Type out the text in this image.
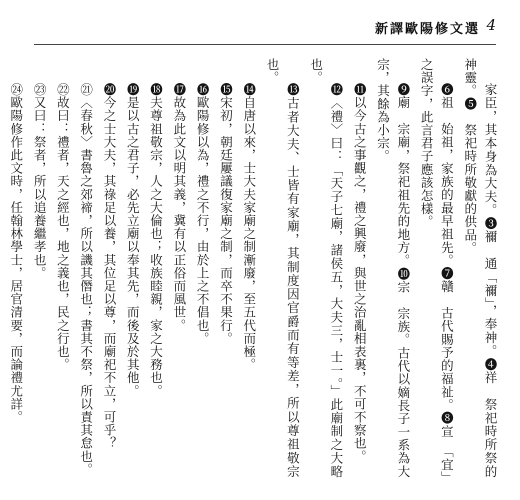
新譯歐陽修文選 4

家臣，其本身為大夫。❸禰　通「禰」，奉神。❹祥　祭祀時所祭的神靈。❺　祭祀時所敬獻的供品。

❻祖　始祖，家族的最早祖先。❼贛　古代賜予的福祉。❽宣　「宜」之誤字，此言君子應該怎樣。

❾廟　宗廟，祭祀祖先的地方。❿宗　宗族。古代以嫡長子一系為大宗，其餘為小宗。

⓫以今古之事觀之，禮之興廢，與世之治亂相表裏，不可不察也。

⓬〈禮〉曰：「天子七廟，諸侯五，大夫三，士一。」此廟制之大略也。

⓭古者大夫、士皆有家廟，其制度因官爵而有等差，所以尊祖敬宗也。

⓮自唐以來，士大夫家廟之制漸廢，至五代而極。

⓯宋初，朝廷屢議復家廟之制，而卒不果行。

⓰歐陽修以為，禮之不行，由於上之不倡也。

⓱故為此文以明其義，冀有以正俗而風世。

⓲夫尊祖敬宗，人之大倫也；收族睦親，家之大務也。

⓳是以古之君子，必先立廟以奉其先，而後及於其他。

⓴今之士大夫，其祿足以養，其位足以尊，而廟祀不立，可乎？

㉑〈春秋〉書魯之郊禘，所以譏其僭也；書其不祭，所以責其怠也。

㉒故曰：禮者，天之經也，地之義也，民之行也。

㉓又曰：祭者，所以追養繼孝也。

㉔歐陽修作此文時，任翰林學士，居官清要，而論禮尤詳。
